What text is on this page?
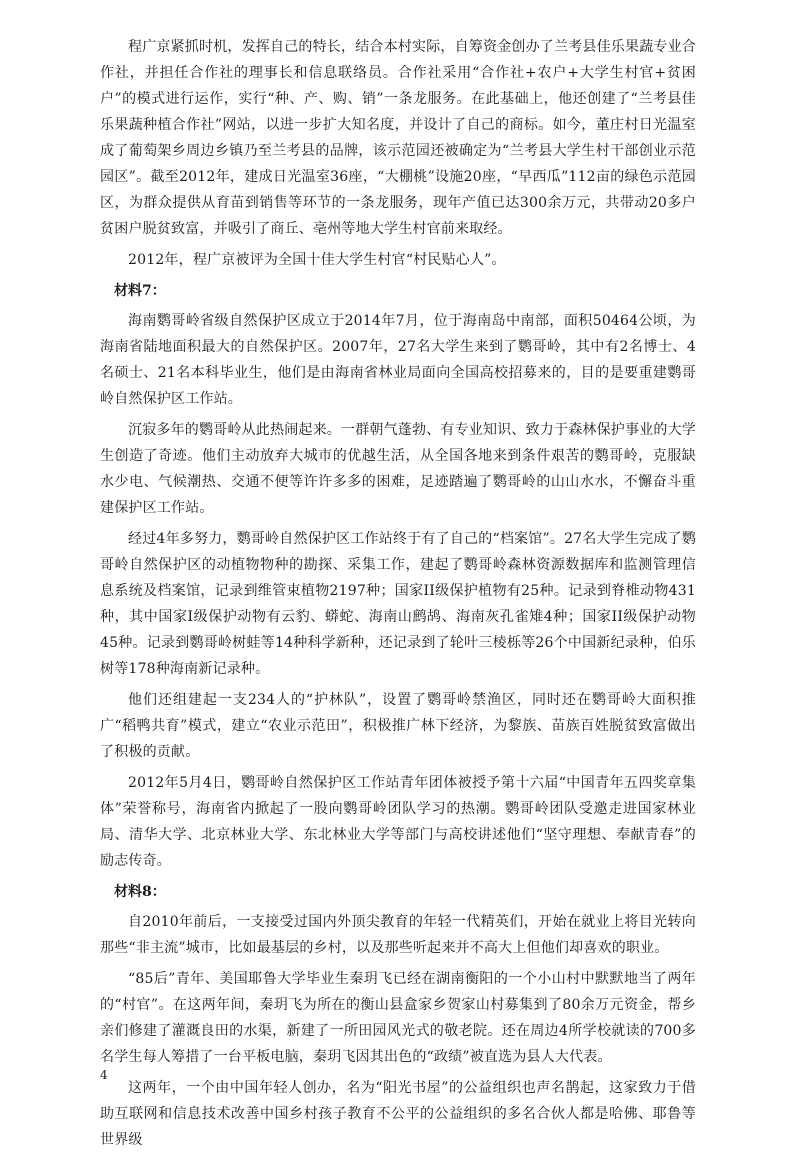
程广京紧抓时机，发挥自己的特长，结合本村实际，自筹资金创办了兰考县佳乐果蔬专业合作社，并担任合作社的理事长和信息联络员。合作社采用“合作社+农户+大学生村官+贫困户”的模式进行运作，实行“种、产、购、销”一条龙服务。在此基础上，他还创建了“兰考县佳乐果蔬种植合作社”网站，以进一步扩大知名度，并设计了自己的商标。如今，董庄村日光温室成了葡萄架乡周边乡镇乃至兰考县的品牌，该示范园还被确定为“兰考县大学生村干部创业示范园区”。截至2012年，建成日光温室36座，“大棚桃”设施20座，“早西瓜”112亩的绿色示范园区，为群众提供从育苗到销售等环节的一条龙服务，现年产值已达300余万元，共带动20多户贫困户脱贫致富，并吸引了商丘、亳州等地大学生村官前来取经。

2012年，程广京被评为全国十佳大学生村官“村民贴心人”。

材料7：

海南鹦哥岭省级自然保护区成立于2014年7月，位于海南岛中南部，面积50464公顷，为海南省陆地面积最大的自然保护区。2007年，27名大学生来到了鹦哥岭，其中有2名博士、4名硕士、21名本科毕业生，他们是由海南省林业局面向全国高校招募来的，目的是要重建鹦哥岭自然保护区工作站。

沉寂多年的鹦哥岭从此热闹起来。一群朝气蓬勃、有专业知识、致力于森林保护事业的大学生创造了奇迹。他们主动放弃大城市的优越生活，从全国各地来到条件艰苦的鹦哥岭，克服缺水少电、气候潮热、交通不便等许许多多的困难，足迹踏遍了鹦哥岭的山山水水，不懈奋斗重建保护区工作站。

经过4年多努力，鹦哥岭自然保护区工作站终于有了自己的“档案馆”。27名大学生完成了鹦哥岭自然保护区的动植物物种的勘探、采集工作，建起了鹦哥岭森林资源数据库和监测管理信息系统及档案馆，记录到维管束植物2197种；国家II级保护植物有25种。记录到脊椎动物431种，其中国家I级保护动物有云豹、蟒蛇、海南山鹧鸪、海南灰孔雀雉4种；国家II级保护动物45种。记录到鹦哥岭树蛙等14种科学新种，还记录到了轮叶三棱栎等26个中国新纪录种，伯乐树等178种海南新记录种。

他们还组建起一支234人的“护林队”，设置了鹦哥岭禁渔区，同时还在鹦哥岭大面积推广“稻鸭共育”模式，建立“农业示范田”，积极推广林下经济，为黎族、苗族百姓脱贫致富做出了积极的贡献。

2012年5月4日，鹦哥岭自然保护区工作站青年团体被授予第十六届“中国青年五四奖章集体”荣誉称号，海南省内掀起了一股向鹦哥岭团队学习的热潮。鹦哥岭团队受邀走进国家林业局、清华大学、北京林业大学、东北林业大学等部门与高校讲述他们“坚守理想、奉献青春”的励志传奇。

材料8：

自2010年前后，一支接受过国内外顶尖教育的年轻一代精英们，开始在就业上将目光转向那些“非主流”城市，比如最基层的乡村，以及那些听起来并不高大上但他们却喜欢的职业。

“85后”青年、美国耶鲁大学毕业生秦玥飞已经在湖南衡阳的一个小山村中默默地当了两年的“村官”。在这两年间，秦玥飞为所在的衡山县盒家乡贺家山村募集到了80余万元资金，帮乡亲们修建了灌溉良田的水渠，新建了一所田园风光式的敬老院。还在周边4所学校就读的700多名学生每人筹措了一台平板电脑，秦玥飞因其出色的“政绩”被直选为县人大代表。

这两年，一个由中国年轻人创办，名为“阳光书屋”的公益组织也声名鹊起，这家致力于借助互联网和信息技术改善中国乡村孩子教育不公平的公益组织的多名合伙人都是哈佛、耶鲁等世界级

4
